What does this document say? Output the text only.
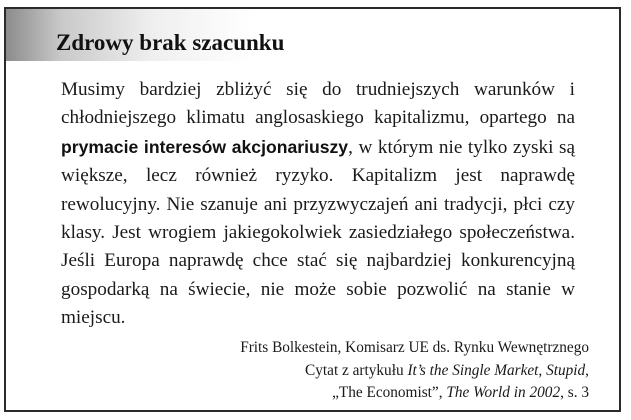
Zdrowy brak szacunku

Musimy bardziej zbliżyć się do trudniejszych warunków i chłodniejszego klimatu anglosaskiego kapitalizmu, opartego na prymacie interesów akcjonariuszy, w którym nie tylko zyski są większe, lecz również ryzyko. Kapitalizm jest naprawdę rewolucyjny. Nie szanuje ani przyzwyczajeń ani tradycji, płci czy klasy. Jest wrogiem jakiegokolwiek zasiedziałego społeczeństwa. Jeśli Europa naprawdę chce stać się najbardziej konkurencyjną gospodarką na świecie, nie może sobie pozwolić na stanie w miejscu.

Frits Bolkestein, Komisarz UE ds. Rynku Wewnętrznego
Cytat z artykułu It’s the Single Market, Stupid,
„The Economist”, The World in 2002, s. 3
